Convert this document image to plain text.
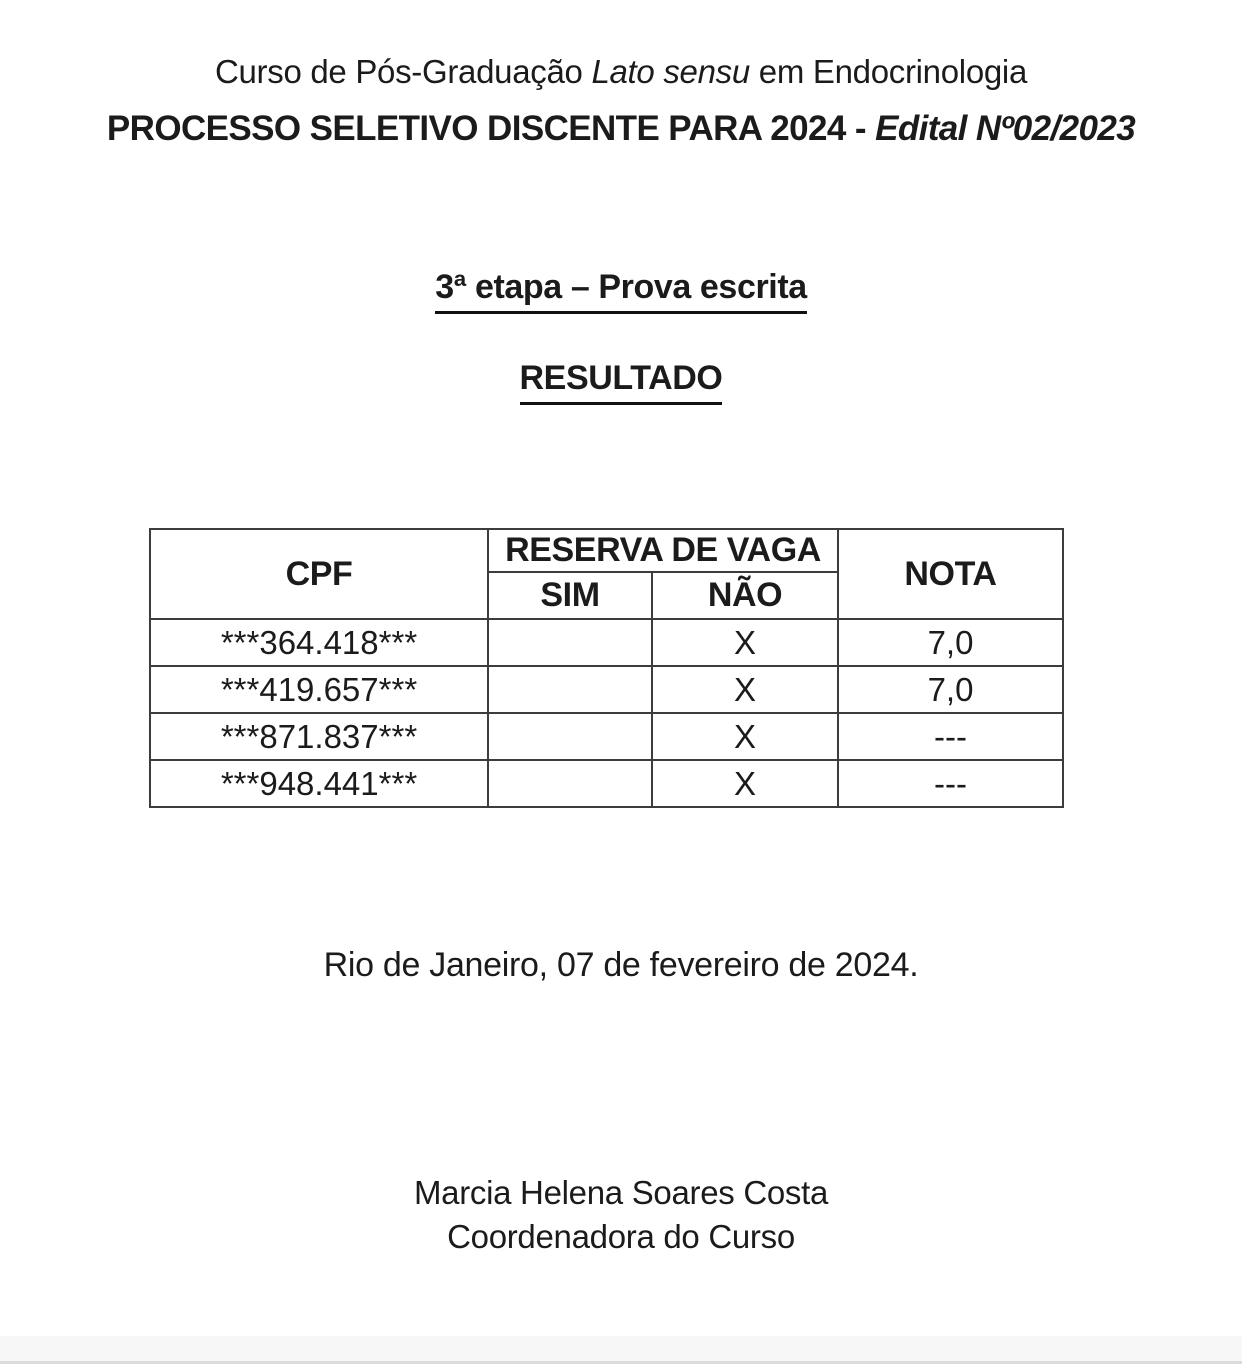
Curso de Pós-Graduação Lato sensu em Endocrinologia
PROCESSO SELETIVO DISCENTE PARA 2024 - Edital Nº02/2023
3ª etapa – Prova escrita
RESULTADO
CPF	RESERVA DE VAGA		NOTA
	SIM	NÃO	
***364.418***		X	7,0
***419.657***		X	7,0
***871.837***		X	---
***948.441***		X	---
Rio de Janeiro, 07 de fevereiro de 2024.
Marcia Helena Soares Costa
Coordenadora do Curso
